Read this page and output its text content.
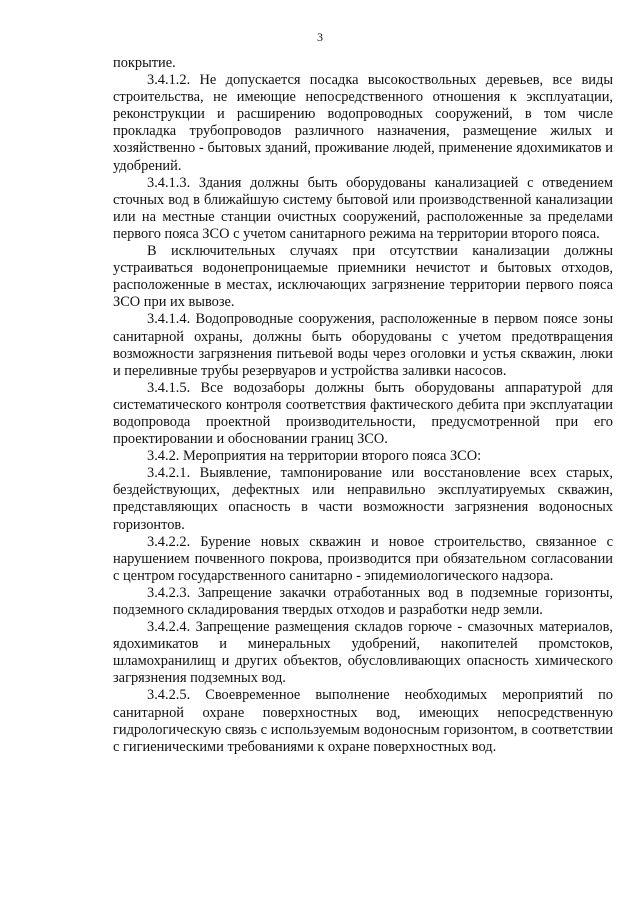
3

покрытие.

3.4.1.2. Не допускается посадка высокоствольных деревьев, все виды строительства, не имеющие непосредственного отношения к эксплуатации, реконструкции и расширению водопроводных сооружений, в том числе прокладка трубопроводов различного назначения, размещение жилых и хозяйственно - бытовых зданий, проживание людей, применение ядохимикатов и удобрений.

3.4.1.3. Здания должны быть оборудованы канализацией с отведением сточных вод в ближайшую систему бытовой или производственной канализации или на местные станции очистных сооружений, расположенные за пределами первого пояса ЗСО с учетом санитарного режима на территории второго пояса.

В исключительных случаях при отсутствии канализации должны устраиваться водонепроницаемые приемники нечистот и бытовых отходов, расположенные в местах, исключающих загрязнение территории первого пояса ЗСО при их вывозе.

3.4.1.4. Водопроводные сооружения, расположенные в первом поясе зоны санитарной охраны, должны быть оборудованы с учетом предотвращения возможности загрязнения питьевой воды через оголовки и устья скважин, люки и переливные трубы резервуаров и устройства заливки насосов.

3.4.1.5. Все водозаборы должны быть оборудованы аппаратурой для систематического контроля соответствия фактического дебита при эксплуатации водопровода проектной производительности, предусмотренной при его проектировании и обосновании границ ЗСО.

3.4.2. Мероприятия на территории второго пояса ЗСО:

3.4.2.1. Выявление, тампонирование или восстановление всех старых, бездействующих, дефектных или неправильно эксплуатируемых скважин, представляющих опасность в части возможности загрязнения водоносных горизонтов.

3.4.2.2. Бурение новых скважин и новое строительство, связанное с нарушением почвенного покрова, производится при обязательном согласовании с центром государственного санитарно - эпидемиологического надзора.

3.4.2.3. Запрещение закачки отработанных вод в подземные горизонты, подземного складирования твердых отходов и разработки недр земли.

3.4.2.4. Запрещение размещения складов горюче - смазочных материалов, ядохимикатов и минеральных удобрений, накопителей промстоков, шламохранилищ и других объектов, обусловливающих опасность химического загрязнения подземных вод.

3.4.2.5. Своевременное выполнение необходимых мероприятий по санитарной охране поверхностных вод, имеющих непосредственную гидрологическую связь с используемым водоносным горизонтом, в соответствии с гигиеническими требованиями к охране поверхностных вод.
